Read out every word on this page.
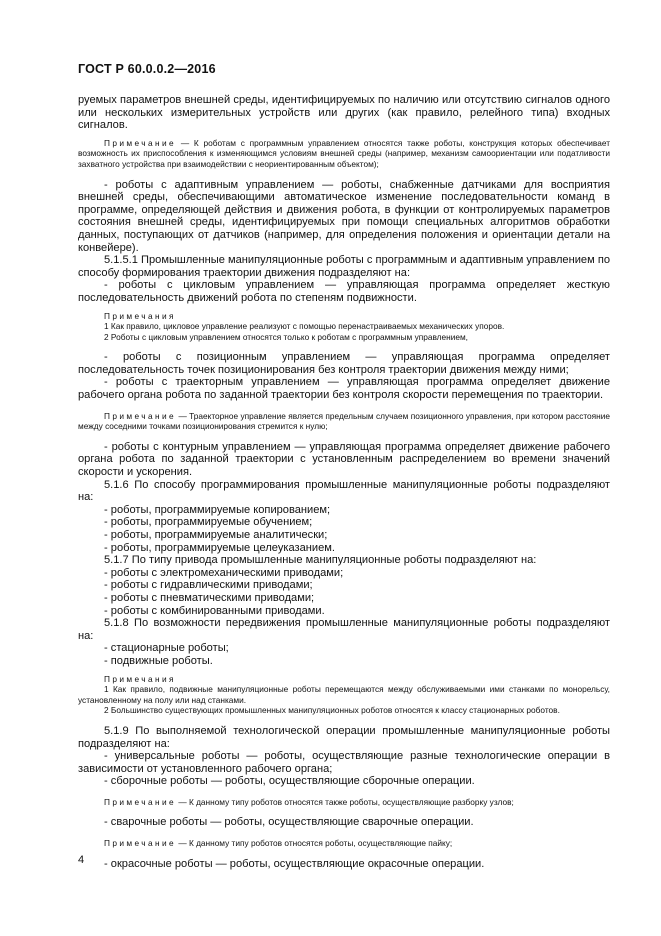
ГОСТ Р 60.0.0.2—2016

руемых параметров внешней среды, идентифицируемых по наличию или отсутствию сигналов одного или нескольких измерительных устройств или других (как правило, релейного типа) входных сигналов.

Примечание — К роботам с программным управлением относятся также роботы, конструкция которых обеспечивает возможность их приспособления к изменяющимся условиям внешней среды (например, механизм самоориентации или податливости захватного устройства при взаимодействии с неориентированным объектом);

- роботы с адаптивным управлением — роботы, снабженные датчиками для восприятия внешней среды, обеспечивающими автоматическое изменение последовательности команд в программе, определяющей действия и движения робота, в функции от контролируемых параметров состояния внешней среды, идентифицируемых при помощи специальных алгоритмов обработки данных, поступающих от датчиков (например, для определения положения и ориентации детали на конвейере).

5.1.5.1 Промышленные манипуляционные роботы с программным и адаптивным управлением по способу формирования траектории движения подразделяют на:

- роботы с цикловым управлением — управляющая программа определяет жесткую последовательность движений робота по степеням подвижности.

Примечания

1 Как правило, цикловое управление реализуют с помощью перенастраиваемых механических упоров.

2 Роботы с цикловым управлением относятся только к роботам с программным управлением,

- роботы с позиционным управлением — управляющая программа определяет последовательность точек позиционирования без контроля траектории движения между ними;

- роботы с траекторным управлением — управляющая программа определяет движение рабочего органа робота по заданной траектории без контроля скорости перемещения по траектории.

Примечание — Траекторное управление является предельным случаем позиционного управления, при котором расстояние между соседними точками позиционирования стремится к нулю;

- роботы с контурным управлением — управляющая программа определяет движение рабочего органа робота по заданной траектории с установленным распределением во времени значений скорости и ускорения.

5.1.6 По способу программирования промышленные манипуляционные роботы подразделяют на:

- роботы, программируемые копированием;

- роботы, программируемые обучением;

- роботы, программируемые аналитически;

- роботы, программируемые целеуказанием.

5.1.7 По типу привода промышленные манипуляционные роботы подразделяют на:

- роботы с электромеханическими приводами;

- роботы с гидравлическими приводами;

- роботы с пневматическими приводами;

- роботы с комбинированными приводами.

5.1.8 По возможности передвижения промышленные манипуляционные роботы подразделяют на:

- стационарные роботы;

- подвижные роботы.

Примечания

1 Как правило, подвижные манипуляционные роботы перемещаются между обслуживаемыми ими станками по монорельсу, установленному на полу или над станками.

2 Большинство существующих промышленных манипуляционных роботов относятся к классу стационарных роботов.

5.1.9 По выполняемой технологической операции промышленные манипуляционные роботы подразделяют на:

- универсальные роботы — роботы, осуществляющие разные технологические операции в зависимости от установленного рабочего органа;

- сборочные роботы — роботы, осуществляющие сборочные операции.

Примечание — К данному типу роботов относятся также роботы, осуществляющие разборку узлов;

- сварочные роботы — роботы, осуществляющие сварочные операции.

Примечание — К данному типу роботов относятся роботы, осуществляющие пайку;

- окрасочные роботы — роботы, осуществляющие окрасочные операции.

4
